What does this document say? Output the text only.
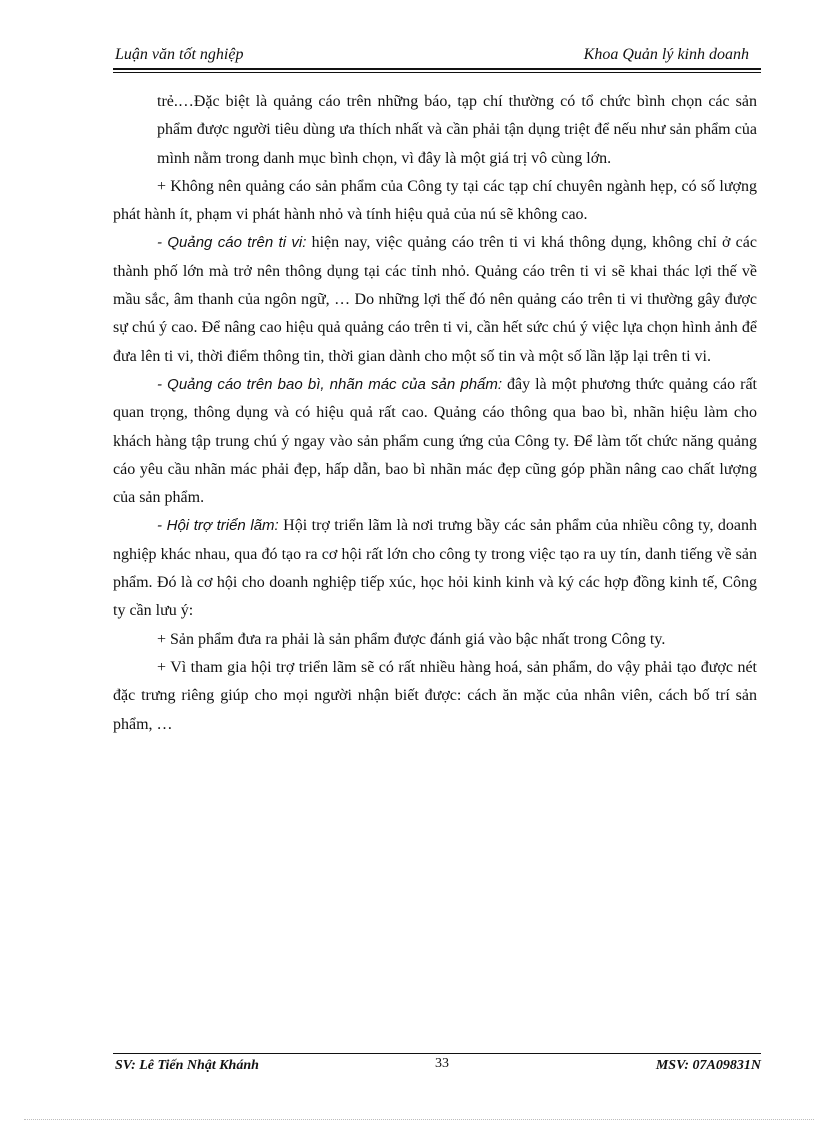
Luận văn tốt nghiệp	Khoa Quản lý kinh doanh

trẻ.…Đặc biệt là quảng cáo trên những báo, tạp chí thường có tổ chức bình chọn các sản phẩm được người tiêu dùng ưa thích nhất và cần phải tận dụng triệt để nếu như sản phẩm của mình nằm trong danh mục bình chọn, vì đây là một giá trị vô cùng lớn.

+ Không nên quảng cáo sản phẩm của Công ty tại các tạp chí chuyên ngành hẹp, có số lượng phát hành ít, phạm vi phát hành nhỏ và tính hiệu quả của nú sẽ không cao.

- Quảng cáo trên ti vi: hiện nay, việc quảng cáo trên ti vi khá thông dụng, không chỉ ở các thành phố lớn mà trở nên thông dụng tại các tỉnh nhỏ. Quảng cáo trên ti vi sẽ khai thác lợi thế về mầu sắc, âm thanh của ngôn ngữ, … Do những lợi thế đó nên quảng cáo trên ti vi thường gây được sự chú ý cao. Để nâng cao hiệu quả quảng cáo trên ti vi, cần hết sức chú ý việc lựa chọn hình ảnh để đưa lên ti vi, thời điểm thông tin, thời gian dành cho một số tin và một số lần lặp lại trên ti vi.

- Quảng cáo trên bao bì, nhãn mác của sản phẩm: đây là một phương thức quảng cáo rất quan trọng, thông dụng và có hiệu quả rất cao. Quảng cáo thông qua bao bì, nhãn hiệu làm cho khách hàng tập trung chú ý ngay vào sản phẩm cung ứng của Công ty. Để làm tốt chức năng quảng cáo yêu cầu nhãn mác phải đẹp, hấp dẫn, bao bì nhãn mác đẹp cũng góp phần nâng cao chất lượng của sản phẩm.

- Hội trợ triển lãm: Hội trợ triển lãm là nơi trưng bầy các sản phẩm của nhiều công ty, doanh nghiệp khác nhau, qua đó tạo ra cơ hội rất lớn cho công ty trong việc tạo ra uy tín, danh tiếng về sản phẩm. Đó là cơ hội cho doanh nghiệp tiếp xúc, học hỏi kinh kinh và ký các hợp đồng kinh tế, Công ty cần lưu ý:

+ Sản phẩm đưa ra phải là sản phẩm được đánh giá vào bậc nhất trong Công ty.

+ Vì tham gia hội trợ triển lãm sẽ có rất nhiều hàng hoá, sản phẩm, do vậy phải tạo được nét đặc trưng riêng giúp cho mọi người nhận biết được: cách ăn mặc của nhân viên, cách bố trí sản phẩm, …

SV: Lê Tiến Nhật Khánh	33	MSV: 07A09831N
